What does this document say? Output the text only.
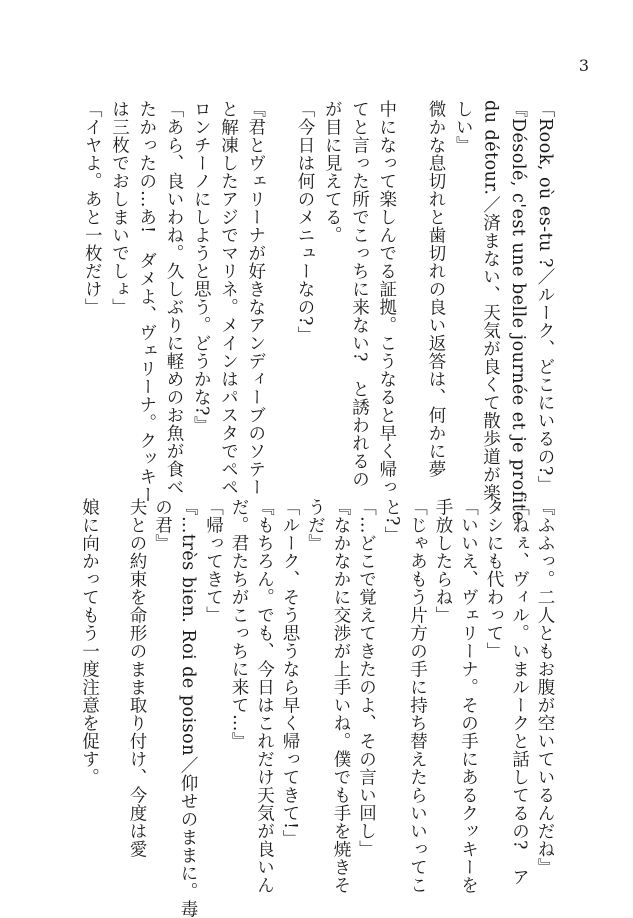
3
「Rook, où es-tu ?／ルーク、どこにいるの?」
『Désolé, c'est une belle journée et je profite
du détour.／済まない、天気が良くて散歩道が楽
しい』
微かな息切れと歯切れの良い返答は、何かに夢
中になって楽しんでる証拠。こうなると早く帰っ
てと言った所でこっちに来ない?　と誘われるの
が目に見えてる。
「今日は何のメニューなの?」
『君とヴェリーナが好きなアンディーブのソテー
と解凍したアジでマリネ。メインはパスタでペペ
ロンチーノにしようと思う。どうかな?』
「あら、良いわね。久しぶりに軽めのお魚が食べ
たかったの…あ!　ダメよ、ヴェリーナ。クッキー
は三枚でおしまいでしょ」
「イヤよ。あと一枚だけ」
『ふふっ。二人ともお腹が空いているんだね』
「ねぇ、ヴィル。いまルークと話してるの?　ア
タシにも代わって」
「いいえ、ヴェリーナ。その手にあるクッキーを
手放したらね」
「じゃあもう片方の手に持ち替えたらいいってこ
と?」
「…どこで覚えてきたのよ、その言い回し」
『なかなかに交渉が上手いね。僕でも手を焼きそ
うだ』
「ルーク、そう思うなら早く帰ってきて!」
『もちろん。でも、今日はこれだけ天気が良いん
だ。君たちがこっちに来て…』
「帰ってきて」
『…très bien. Roi de poison／仰せのままに。毒
の君』
夫との約束を命形のまま取り付け、今度は愛
娘に向かってもう一度注意を促す。
